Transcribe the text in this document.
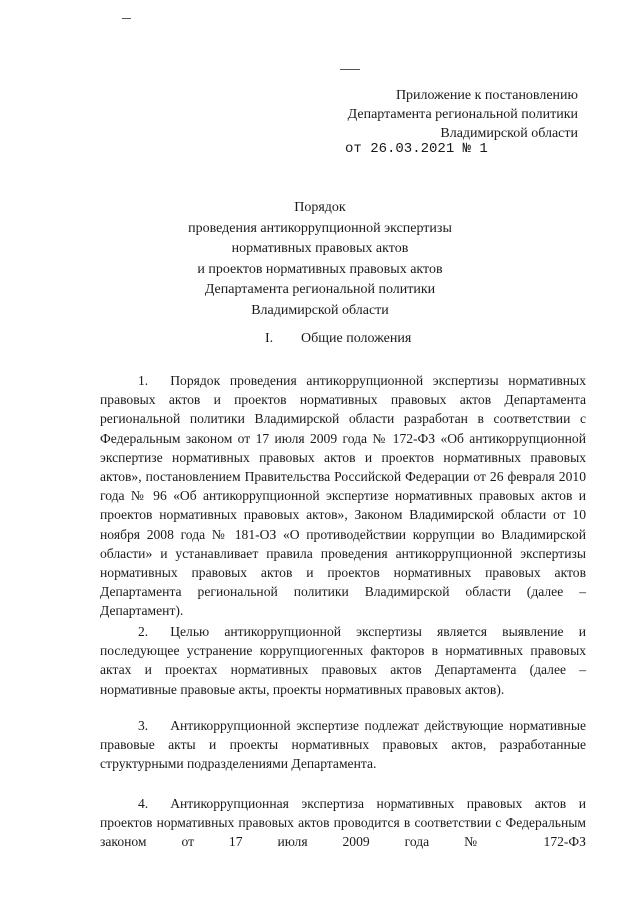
Приложение к постановлению
Департамента региональной политики
Владимирской области
от 26.03.2021 № 1
Порядок
проведения антикоррупционной экспертизы
нормативных правовых актов
и проектов нормативных правовых актов
Департамента региональной политики
Владимирской области
I. Общие положения

1. Порядок проведения антикоррупционной экспертизы нормативных правовых актов и проектов нормативных правовых актов Департамента региональной политики Владимирской области разработан в соответствии с Федеральным законом от 17 июля 2009 года № 172-ФЗ «Об антикоррупционной экспертизе нормативных правовых актов и проектов нормативных правовых актов», постановлением Правительства Российской Федерации от 26 февраля 2010 года № 96 «Об антикоррупционной экспертизе нормативных правовых актов и проектов нормативных правовых актов», Законом Владимирской области от 10 ноября 2008 года № 181-ОЗ «О противодействии коррупции во Владимирской области» и устанавливает правила проведения антикоррупционной экспертизы нормативных правовых актов и проектов нормативных правовых актов Департамента региональной политики Владимирской области (далее – Департамент).

2. Целью антикоррупционной экспертизы является выявление и последующее устранение коррупциогенных факторов в нормативных правовых актах и проектах нормативных правовых актов Департамента (далее – нормативные правовые акты, проекты нормативных правовых актов).

3. Антикоррупционной экспертизе подлежат действующие нормативные правовые акты и проекты нормативных правовых актов, разработанные структурными подразделениями Департамента.

4. Антикоррупционная экспертиза нормативных правовых актов и проектов нормативных правовых актов проводится в соответствии с Федеральным законом от 17 июля 2009 года № 172-ФЗ
